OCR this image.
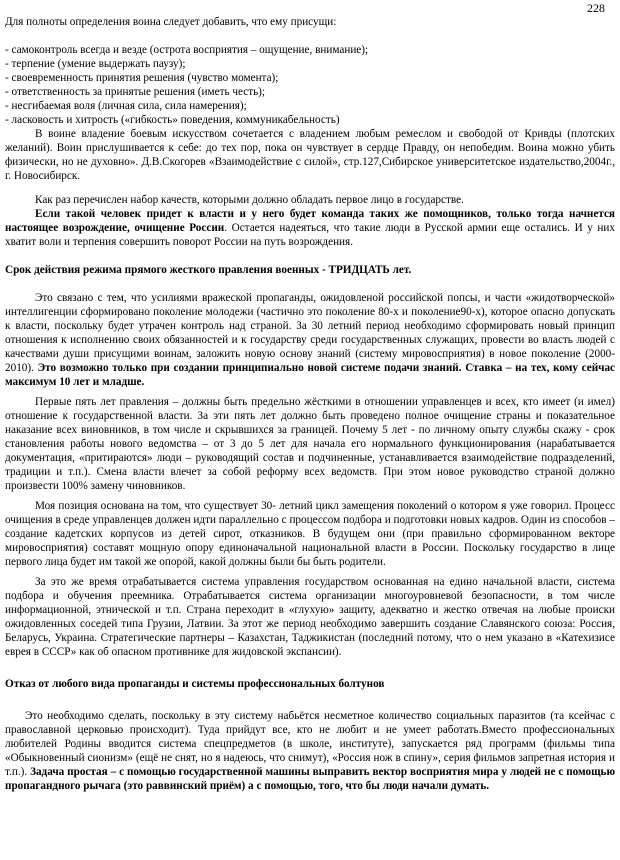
228

Для полноты определения воина следует добавить, что ему присущи:

- самоконтроль всегда и везде (острота восприятия – ощущение, внимание);
- терпение (умение выдержать паузу);
- своевременность принятия решения (чувство момента);
- ответственность за принятые решения (иметь честь);
- несгибаемая воля (личная сила, сила намерения);
- ласковость и хитрость («гибкость» поведения, коммуникабельность)

В воине владение боевым искусством сочетается с владением любым ремеслом и свободой от Кривды (плотских желаний). Воин прислушивается к себе: до тех пор, пока он чувствует в сердце Правду, он непобедим. Воина можно убить физически, но не духовно». Д.В.Скогорев «Взаимодействие с силой», стр.127,Сибирское университетское издательство,2004г., г. Новосибирск.

Как раз перечислен набор качеств, которыми должно обладать первое лицо в государстве.

Если такой человек придет к власти и у него будет команда таких же помощников, только тогда начнется настоящее возрождение, очищение России. Остается надеяться, что такие люди в Русской армии еще остались. И у них хватит воли и терпения совершить поворот России на путь возрождения.

Срок действия режима прямого жесткого правления военных - ТРИДЦАТЬ лет.

Это связано с тем, что усилиями вражеской пропаганды, ожидовленой российской попсы, и части «жидотворческой» интеллигенции сформировано поколение молодежи (частично это поколение 80-х и поколение90-х), которое опасно допускать к власти, поскольку будет утрачен контроль над страной. За 30 летний период необходимо сформировать новый принцип отношения к исполнению своих обязанностей и к государству среди государственных служащих, провести во власть людей с качествами души присущими воинам, заложить новую основу знаний (систему мировосприятия) в новое поколение (2000- 2010). Это возможно только при создании принципиально новой системе подачи знаний. Ставка – на тех, кому сейчас максимум 10 лет и младше.

Первые пять лет правления – должны быть предельно жёсткими в отношении управленцев и всех, кто имеет (и имел) отношение к государственной власти. За эти пять лет должно быть проведено полное очищение страны и показательное наказание всех виновников, в том числе и скрывшихся за границей. Почему 5 лет - по личному опыту службы скажу - срок становления работы нового ведомства – от 3 до 5 лет для начала его нормального функционирования (нарабатывается документация, «притираются» люди – руководящий состав и подчиненные, устанавливается взаимодействие подразделений, традиции и т.п.). Смена власти влечет за собой реформу всех ведомств. При этом новое руководство страной должно произвести 100% замену чиновников.

Моя позиция основана на том, что существует 30- летний цикл замещения поколений о котором я уже говорил. Процесс очищения в среде управленцев должен идти параллельно с процессом подбора и подготовки новых кадров. Один из способов – создание кадетских корпусов из детей сирот, отказников. В будущем они (при правильно сформированном векторе мировосприятия) составят мощную опору единоначальной национальной власти в России. Поскольку государство в лице первого лица будет им такой же опорой, какой должны были бы быть родители.

За это же время отрабатывается система управления государством основанная на едино начальной власти, система подбора и обучения преемника. Отрабатывается система организации многоуровневой безопасности, в том числе информационной, этнической и т.п. Страна переходит в «глухую» защиту, адекватно и жестко отвечая на любые происки ожидовленных соседей типа Грузии, Латвии. За этот же период необходимо завершить создание Славянского союза: Россия, Беларусь, Украина. Стратегические партнеры – Казахстан, Таджикистан (последний потому, что о нем указано в «Катехизисе еврея в СССР» как об опасном противнике для жидовской экспансии).

Отказ от любого вида пропаганды и системы профессиональных болтунов

Это необходимо сделать, поскольку в эту систему набьётся несметное количество социальных паразитов (та ксейчас с православной церковью происходит). Туда прийдут все, кто не любит и не умеет работать.Вместо профессиональных любителей Родины вводится система спецпредметов (в школе, институте), запускается ряд программ (фильмы типа «Обыкновенный сионизм» (ещё не снят, но я надеюсь, что снимут), «Россия нож в спину», серия фильмов запретная история и т.п.). Задача простая – с помощью государственной машины выправить вектор восприятия мира у людей не с помощью пропагандного рычага (это раввинский приём) а с помощью, того, что бы люди начали думать.
